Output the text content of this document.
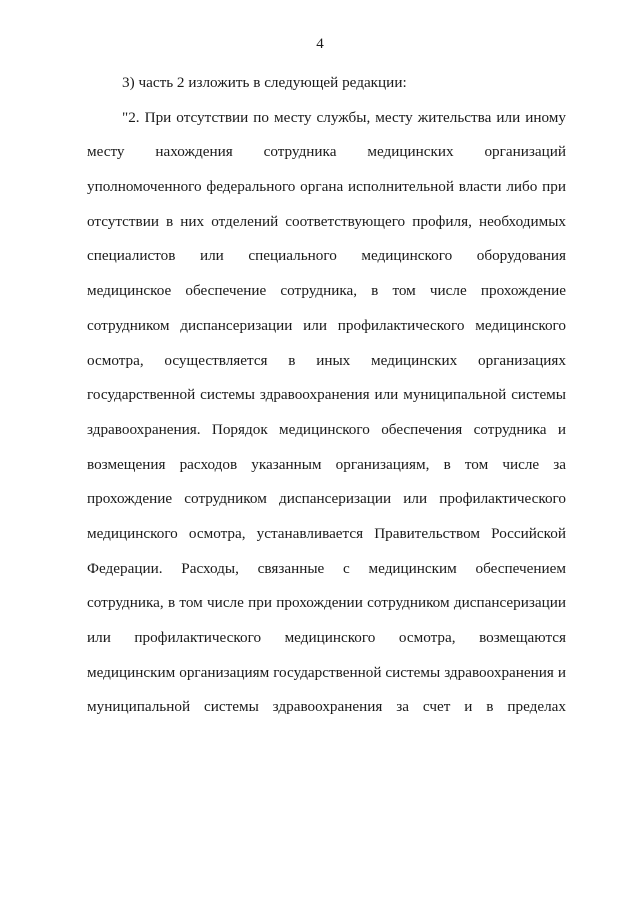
4
3) часть 2 изложить в следующей редакции:
"2. При отсутствии по месту службы, месту жительства или иному
месту нахождения сотрудника медицинских организаций
уполномоченного федерального органа исполнительной власти либо при
отсутствии в них отделений соответствующего профиля, необходимых
специалистов или специального медицинского оборудования
медицинское обеспечение сотрудника, в том числе прохождение
сотрудником диспансеризации или профилактического медицинского
осмотра, осуществляется в иных медицинских организациях
государственной системы здравоохранения или муниципальной системы
здравоохранения. Порядок медицинского обеспечения сотрудника и
возмещения расходов указанным организациям, в том числе за
прохождение сотрудником диспансеризации или профилактического
медицинского осмотра, устанавливается Правительством Российской
Федерации. Расходы, связанные с медицинским обеспечением
сотрудника, в том числе при прохождении сотрудником диспансеризации
или профилактического медицинского осмотра, возмещаются
медицинским организациям государственной системы здравоохранения и
муниципальной системы здравоохранения за счет и в пределах
